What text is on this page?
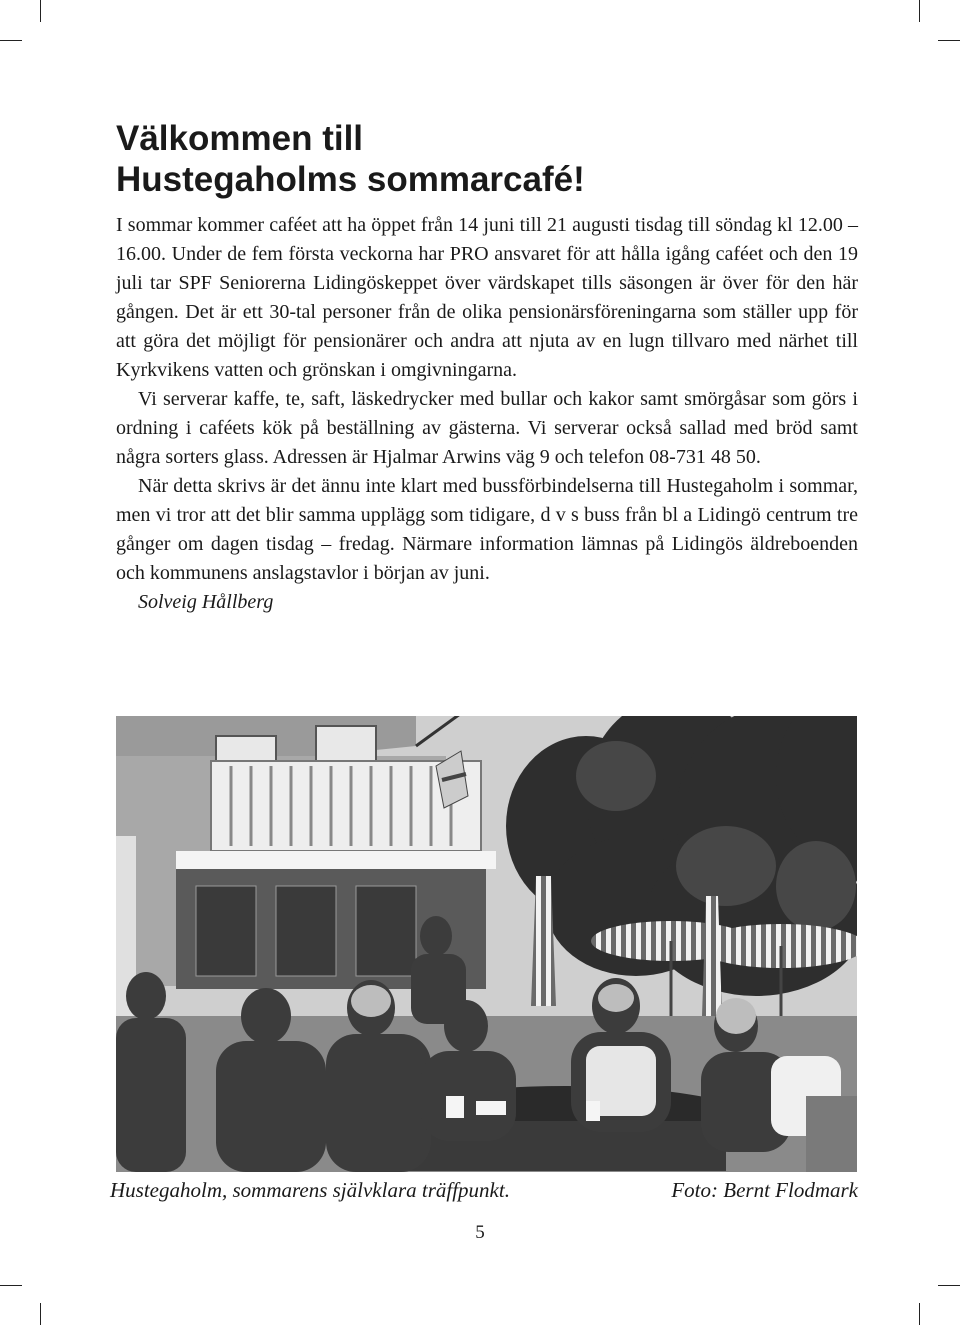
Välkommen till
Hustegaholms sommarcafé!

I sommar kommer caféet att ha öppet från 14 juni till 21 augusti tisdag till söndag kl 12.00 – 16.00. Under de fem första veckorna har PRO ansvaret för att hålla igång caféet och den 19 juli tar SPF Seniorerna Lidingöskeppet över värdskapet tills säsongen är över för den här gången. Det är ett 30-tal personer från de olika pensionärsföreningarna som ställer upp för att göra det möjligt för pensionärer och andra att njuta av en lugn tillvaro med närhet till Kyrkvikens vatten och grönskan i omgivningarna.

Vi serverar kaffe, te, saft, läskedrycker med bullar och kakor samt smörgåsar som görs i ordning i caféets kök på beställning av gästerna. Vi serverar också sallad med bröd samt några sorters glass. Adressen är Hjalmar Arwins väg 9 och telefon 08-731 48 50.

När detta skrivs är det ännu inte klart med bussförbindelserna till Hustegaholm i sommar, men vi tror att det blir samma upplägg som tidigare, d v s buss från bl a Lidingö centrum tre gånger om dagen tisdag – fredag. Närmare information lämnas på Lidingös äldreboenden och kommunens anslagstavlor i början av juni.

Solveig Hållberg

Hustegaholm, sommarens självklara träffpunkt.	Foto: Bernt Flodmark
5
